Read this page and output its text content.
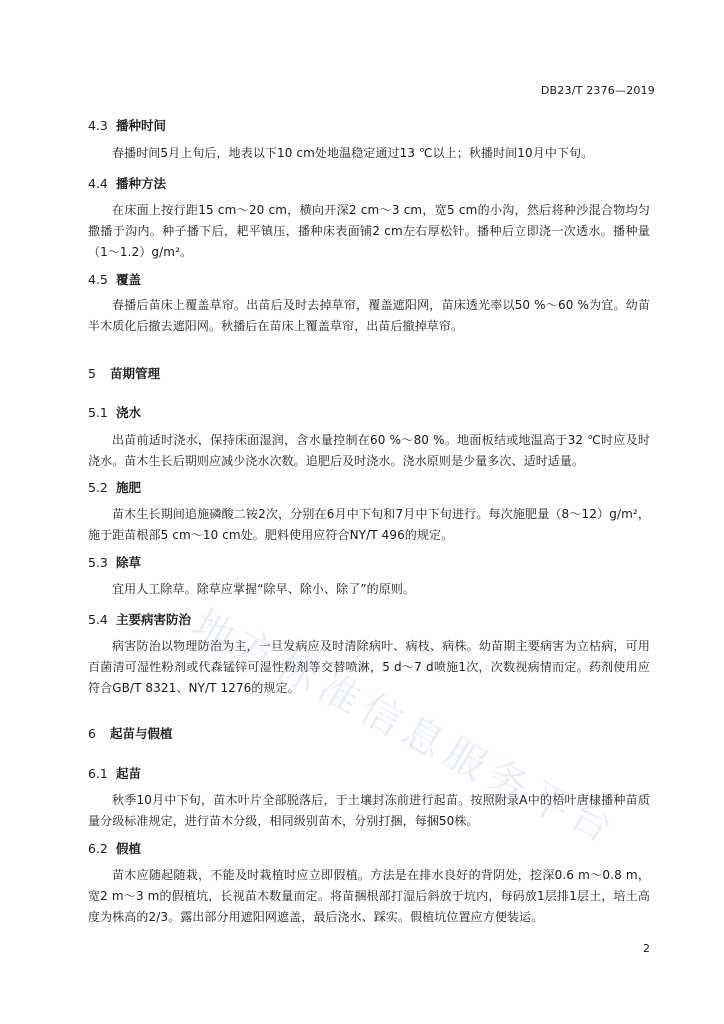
DB23/T 2376—2019
4.3 播种时间
春播时间5月上旬后，地表以下10 cm处地温稳定通过13 ℃以上；秋播时间10月中下旬。
4.4 播种方法
在床面上按行距15 cm～20 cm，横向开深2 cm～3 cm，宽5 cm的小沟，然后将种沙混合物均匀撒播于沟内。种子播下后，耙平镇压，播种床表面铺2 cm左右厚松针。播种后立即浇一次透水。播种量（1～1.2）g/m²。
4.5 覆盖
春播后苗床上覆盖草帘。出苗后及时去掉草帘，覆盖遮阳网，苗床透光率以50 %～60 %为宜。幼苗半木质化后撤去遮阳网。秋播后在苗床上覆盖草帘，出苗后撤掉草帘。
5 苗期管理
5.1 浇水
出苗前适时浇水，保持床面湿润，含水量控制在60 %～80 %。地面板结或地温高于32 ℃时应及时浇水。苗木生长后期则应减少浇水次数。追肥后及时浇水。浇水原则是少量多次、适时适量。
5.2 施肥
苗木生长期间追施磷酸二铵2次，分别在6月中下旬和7月中下旬进行。每次施肥量（8～12）g/m²，施于距苗根部5 cm～10 cm处。肥料使用应符合NY/T 496的规定。
5.3 除草
宜用人工除草。除草应掌握“除早、除小、除了”的原则。
5.4 主要病害防治
病害防治以物理防治为主，一旦发病应及时清除病叶、病枝、病株。幼苗期主要病害为立枯病，可用百菌清可湿性粉剂或代森锰锌可湿性粉剂等交替喷淋，5 d～7 d喷施1次，次数视病情而定。药剂使用应符合GB/T 8321、NY/T 1276的规定。
6 起苗与假植
6.1 起苗
秋季10月中下旬，苗木叶片全部脱落后，于土壤封冻前进行起苗。按照附录A中的梧叶唐棣播种苗质量分级标准规定，进行苗木分级，相同级别苗木，分别打捆，每捆50株。
6.2 假植
苗木应随起随栽，不能及时栽植时应立即假植。方法是在排水良好的背阴处，挖深0.6 m～0.8 m，宽2 m～3 m的假植坑，长视苗木数量而定。将苗捆根部打湿后斜放于坑内，每码放1层排1层土，培土高度为株高的2/3。露出部分用遮阳网遮盖，最后浇水、踩实。假植坑位置应方便装运。
2
地
方
标
准
信
息
服
务
平
台
